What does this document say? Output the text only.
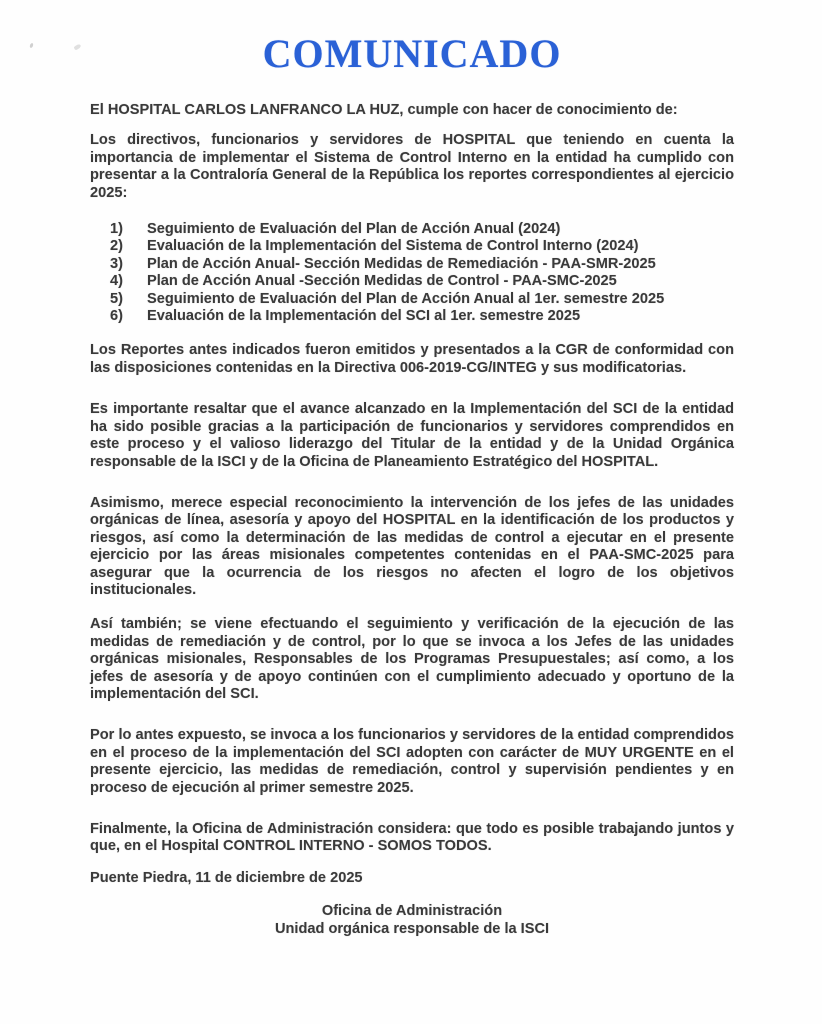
COMUNICADO

El HOSPITAL CARLOS LANFRANCO LA HUZ, cumple con hacer de conocimiento de:

Los directivos, funcionarios y servidores de HOSPITAL que teniendo en cuenta la importancia de implementar el Sistema de Control Interno en la entidad ha cumplido con presentar a la Contraloría General de la República los reportes correspondientes al ejercicio 2025:

1)	Seguimiento de Evaluación del Plan de Acción Anual (2024)
2)	Evaluación de la Implementación del Sistema de Control Interno (2024)
3)	Plan de Acción Anual- Sección Medidas de Remediación - PAA-SMR-2025
4)	Plan de Acción Anual -Sección Medidas de Control - PAA-SMC-2025
5)	Seguimiento de Evaluación del Plan de Acción Anual al 1er. semestre 2025
6)	Evaluación de la Implementación del SCI al 1er. semestre 2025

Los Reportes antes indicados fueron emitidos y presentados a la CGR de conformidad con las disposiciones contenidas en la Directiva 006-2019-CG/INTEG y sus modificatorias.

Es importante resaltar que el avance alcanzado en la Implementación del SCI de la entidad ha sido posible gracias a la participación de funcionarios y servidores comprendidos en este proceso y el valioso liderazgo del Titular de la entidad y de la Unidad Orgánica responsable de la ISCI y de la Oficina de Planeamiento Estratégico del HOSPITAL.

Asimismo, merece especial reconocimiento la intervención de los jefes de las unidades orgánicas de línea, asesoría y apoyo del HOSPITAL en la identificación de los productos y riesgos, así como la determinación de las medidas de control a ejecutar en el presente ejercicio por las áreas misionales competentes contenidas en el PAA-SMC-2025 para asegurar que la ocurrencia de los riesgos no afecten el logro de los objetivos institucionales.

Así también; se viene efectuando el seguimiento y verificación de la ejecución de las medidas de remediación y de control, por lo que se invoca a los Jefes de las unidades orgánicas misionales, Responsables de los Programas Presupuestales; así como, a los jefes de asesoría y de apoyo continúen con el cumplimiento adecuado y oportuno de la implementación del SCI.

Por lo antes expuesto, se invoca a los funcionarios y servidores de la entidad comprendidos en el proceso de la implementación del SCI adopten con carácter de MUY URGENTE en el presente ejercicio, las medidas de remediación, control y supervisión pendientes y en proceso de ejecución al primer semestre 2025.

Finalmente, la Oficina de Administración considera: que todo es posible trabajando juntos y que, en el Hospital CONTROL INTERNO - SOMOS TODOS.

Puente Piedra, 11 de diciembre de 2025

Oficina de Administración
Unidad orgánica responsable de la ISCI
